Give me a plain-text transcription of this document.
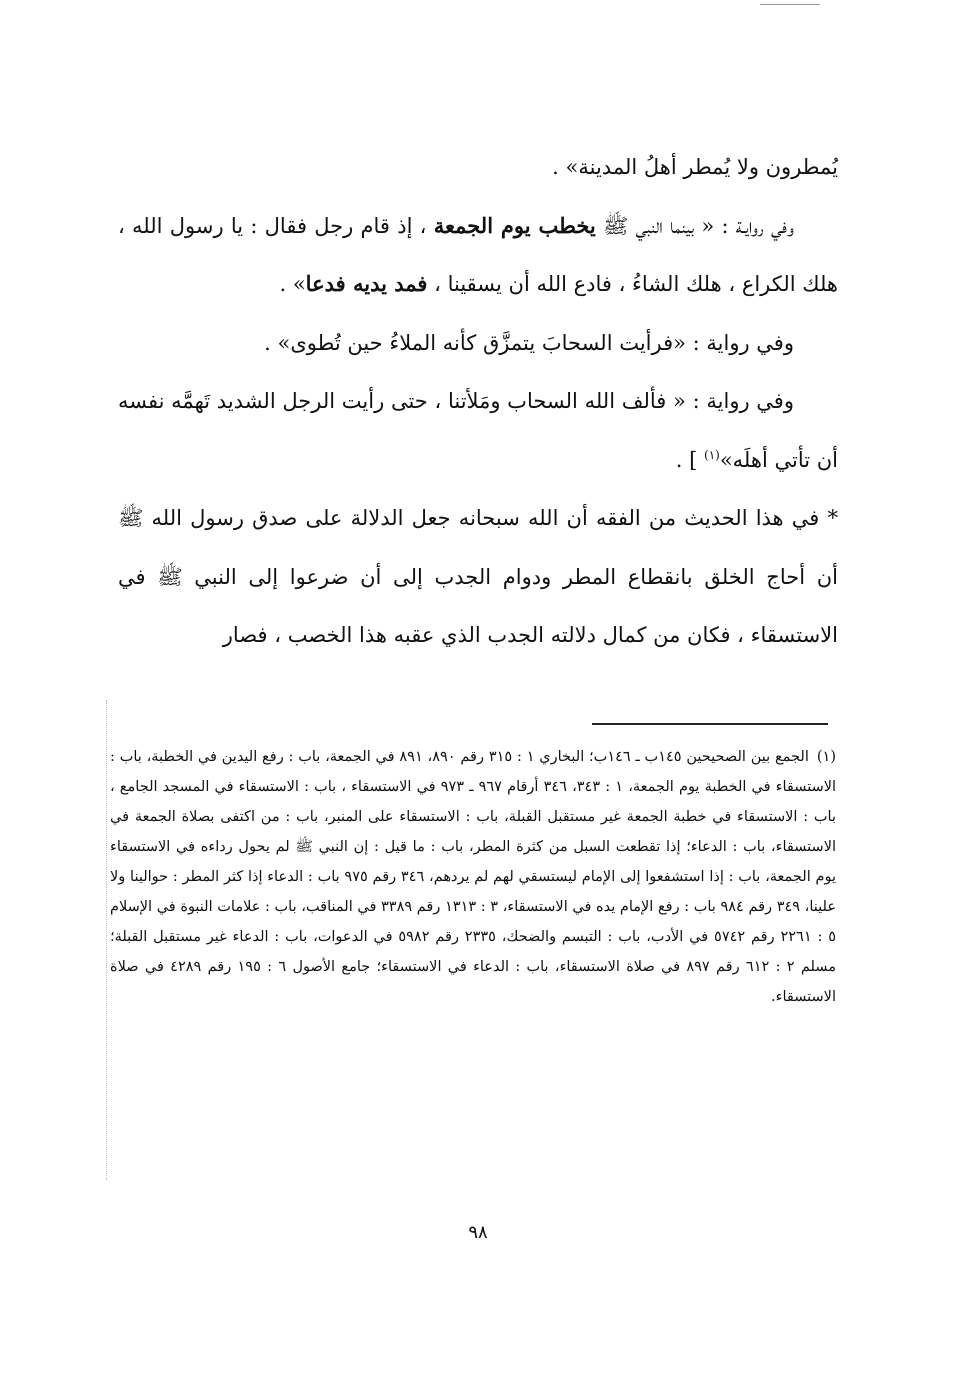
يُمطرون ولا يُمطر أهلُ المدينة» .

وفي روايـة : « بينما النبي ﷺ يخطب يوم الجمعة ، إذ قام رجل فقال : يا رسول الله ، هلك الكراع ، هلك الشاءُ ، فادع الله أن يسقينا ، فمد يديه فدعا» .

وفي رواية : «فرأيت السحابَ يتمزَّق كأنه الملاءُ حين تُطوى» .

وفي رواية : « فألف الله السحاب ومَلأتنا ، حتى رأيت الرجل الشديد تَهمَّه نفسه أن تأتي أهلَه»$^{(١)}$ ] .

* في هذا الحديث من الفقه أن الله سبحانه جعل الدلالة على صدق رسول الله ﷺ أن أحاج الخلق بانقطاع المطر ودوام الجدب إلى أن ضرعوا إلى النبي ﷺ في الاستسقاء ، فكان من كمال دلالته الجدب الذي عقبه هذا الخصب ، فصار

(١)الجمع بين الصحيحين ١٤٥ب ـ ١٤٦ب؛ البخاري ١ : ٣١٥ رقم ٨٩٠، ٨٩١ في الجمعة، باب : رفع اليدين في الخطبة، باب : الاستسقاء في الخطبة يوم الجمعة، ١ : ٣٤٣، ٣٤٦ أرقام ٩٦٧ ـ ٩٧٣ في الاستسقاء ، باب : الاستسقاء في المسجد الجامع ، باب : الاستسقاء في خطبة الجمعة غير مستقبل القبلة، باب : الاستسقاء على المنبر، باب : من اكتفى بصلاة الجمعة في الاستسقاء، باب : الدعاء؛ إذا تقطعت السبل من كثرة المطر، باب : ما قيل : إن النبي ﷺ لم يحول رداءه في الاستسقاء يوم الجمعة، باب : إذا استشفعوا إلى الإمام ليستسقي لهم لم يردهم، ٣٤٦ رقم ٩٧٥ باب : الدعاء إذا كثر المطر : حوالينا ولا علينا، ٣٤٩ رقم ٩٨٤ باب : رفع الإمام يده في الاستسقاء، ٣ : ١٣١٣ رقم ٣٣٨٩ في المناقب، باب : علامات النبوة في الإسلام ٥ : ٢٢٦١ رقم ٥٧٤٢ في الأدب، باب : التبسم والضحك، ٢٣٣٥ رقم ٥٩٨٢ في الدعوات، باب : الدعاء غير مستقبل القبلة؛ مسلم ٢ : ٦١٢ رقم ٨٩٧ في صلاة الاستسقاء، باب : الدعاء في الاستسقاء؛ جامع الأصول ٦ : ١٩٥ رقم ٤٢٨٩ في صلاة الاستسقاء.
٩٨
